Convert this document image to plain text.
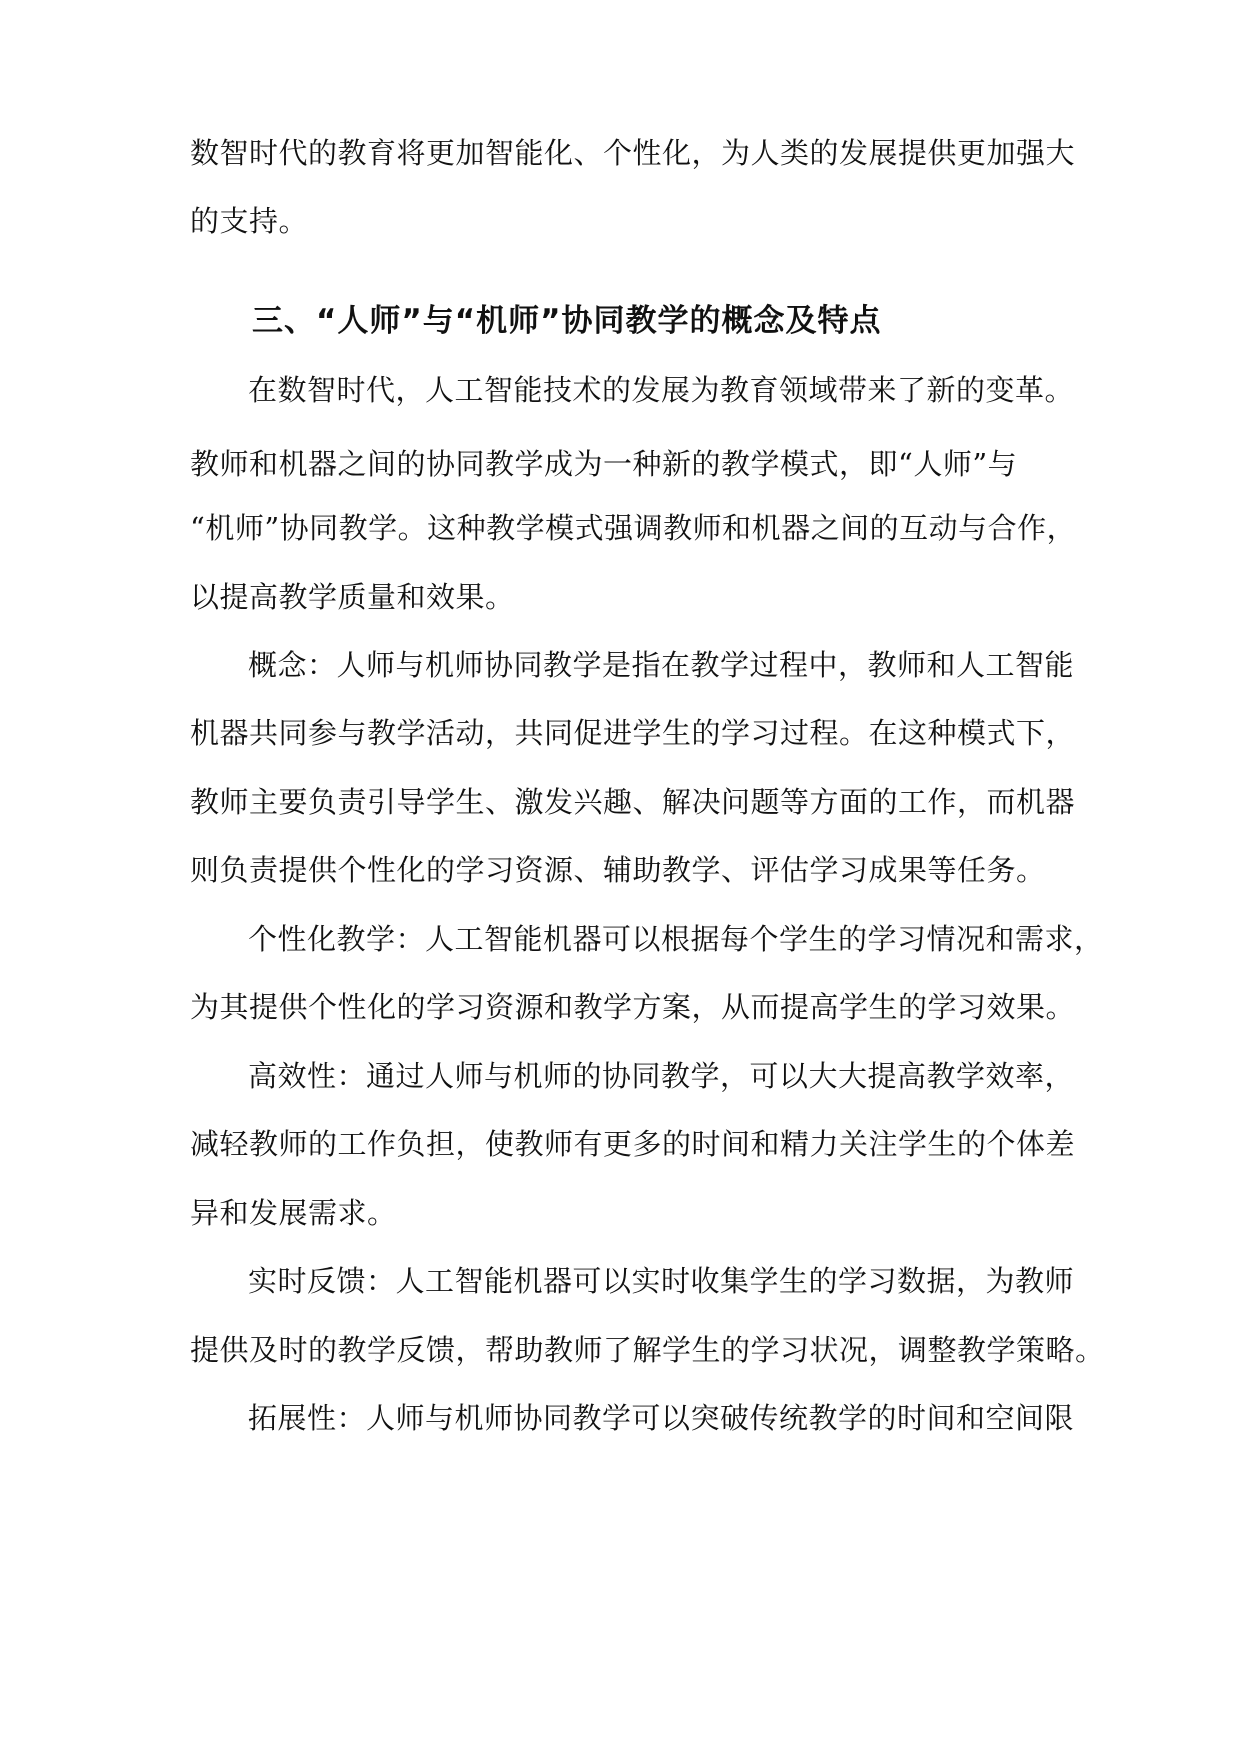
数智时代的教育将更加智能化、个性化，为人类的发展提供更加强大
的支持。
三、“人师”与“机师”协同教学的概念及特点
在数智时代，人工智能技术的发展为教育领域带来了新的变革。
教师和机器之间的协同教学成为一种新的教学模式，即“人师”与
“机师”协同教学。这种教学模式强调教师和机器之间的互动与合作，
以提高教学质量和效果。
概念：人师与机师协同教学是指在教学过程中，教师和人工智能
机器共同参与教学活动，共同促进学生的学习过程。在这种模式下，
教师主要负责引导学生、激发兴趣、解决问题等方面的工作，而机器
则负责提供个性化的学习资源、辅助教学、评估学习成果等任务。
个性化教学：人工智能机器可以根据每个学生的学习情况和需求，
为其提供个性化的学习资源和教学方案，从而提高学生的学习效果。
高效性：通过人师与机师的协同教学，可以大大提高教学效率，
减轻教师的工作负担，使教师有更多的时间和精力关注学生的个体差
异和发展需求。
实时反馈：人工智能机器可以实时收集学生的学习数据，为教师
提供及时的教学反馈，帮助教师了解学生的学习状况，调整教学策略。
拓展性：人师与机师协同教学可以突破传统教学的时间和空间限
